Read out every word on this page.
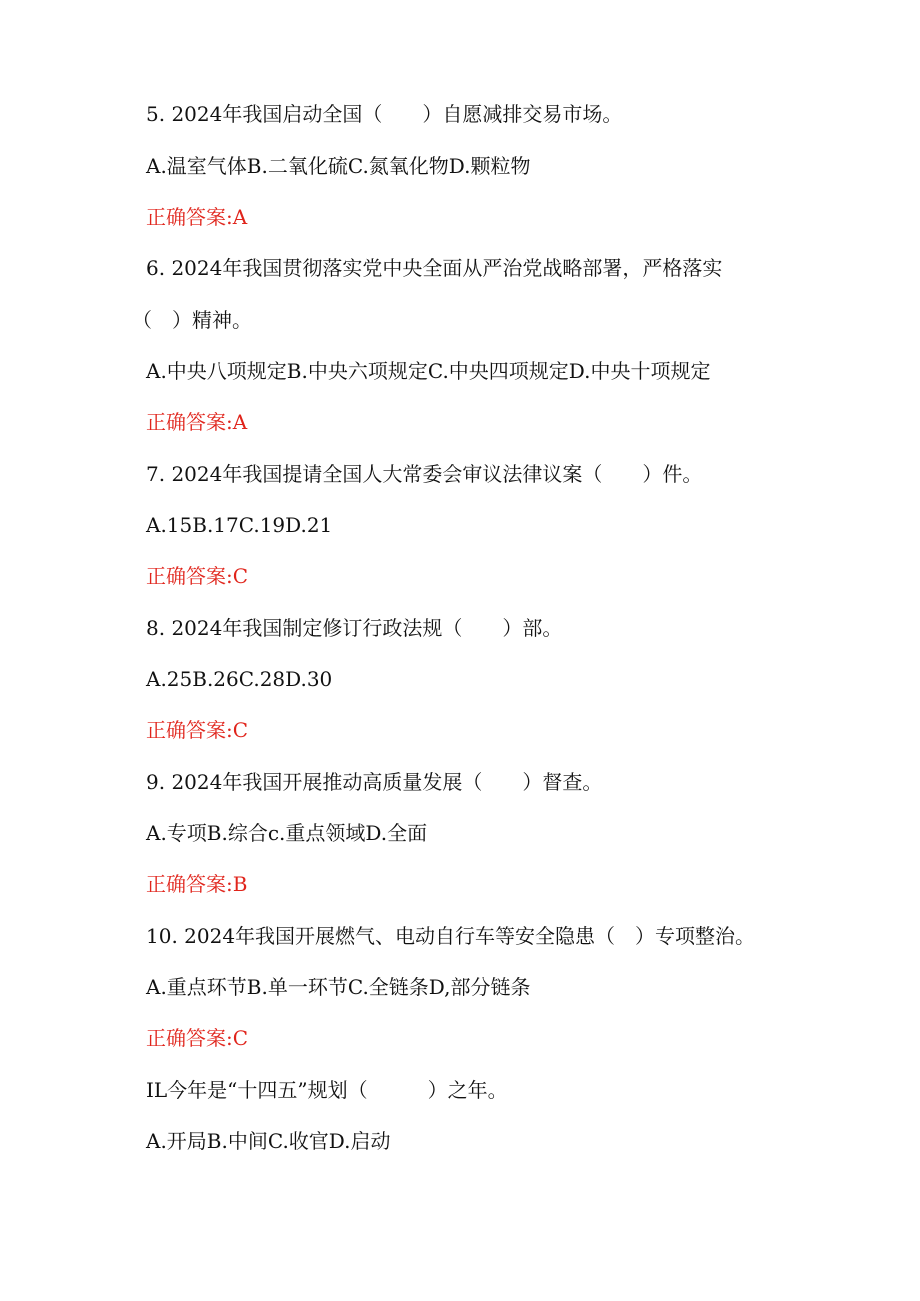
5. 2024年我国启动全国（　　）自愿减排交易市场。
A.温室气体B.二氧化硫C.氮氧化物D.颗粒物
正确答案:A
6. 2024年我国贯彻落实党中央全面从严治党战略部署，严格落实
（　）精神。
A.中央八项规定B.中央六项规定C.中央四项规定D.中央十项规定
正确答案:A
7. 2024年我国提请全国人大常委会审议法律议案（　　）件。
A.15B.17C.19D.21
正确答案:C
8. 2024年我国制定修订行政法规（　　）部。
A.25B.26C.28D.30
正确答案:C
9. 2024年我国开展推动高质量发展（　　）督查。
A.专项B.综合c.重点领域D.全面
正确答案:B
10. 2024年我国开展燃气、电动自行车等安全隐患（　）专项整治。
A.重点环节B.单一环节C.全链条D,部分链条
正确答案:C
IL今年是“十四五”规划（　　　）之年。
A.开局B.中间C.收官D.启动
